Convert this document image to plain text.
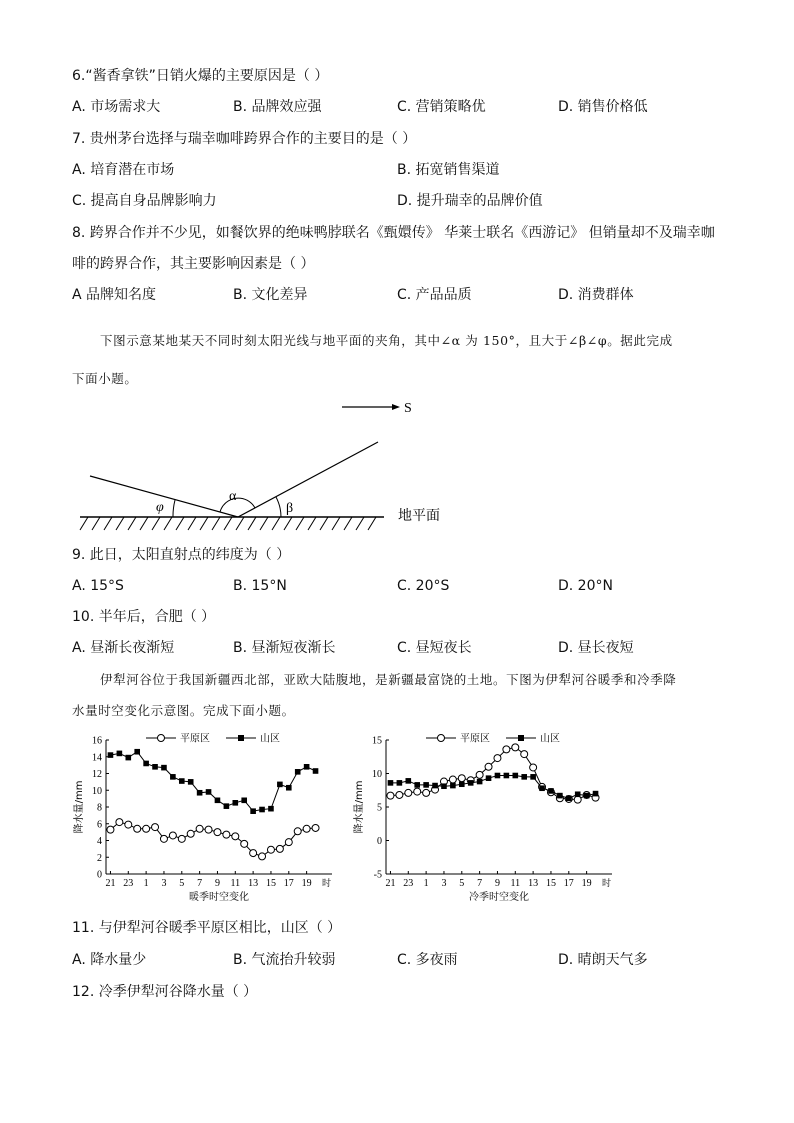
6.“酱香拿铁”日销火爆的主要原因是（ ）
A. 市场需求大	B. 品牌效应强	C. 营销策略优	D. 销售价格低
7. 贵州茅台选择与瑞幸咖啡跨界合作的主要目的是（ ）
A. 培育潜在市场	B. 拓宽销售渠道
C. 提高自身品牌影响力	D. 提升瑞幸的品牌价值
8. 跨界合作并不少见，如餐饮界的绝味鸭脖联名《甄嬛传》 华莱士联名《西游记》 但销量却不及瑞幸咖
啡的跨界合作，其主要影响因素是（ ）
A 品牌知名度	B. 文化差异	C. 产品品质	D. 消费群体
下图示意某地某天不同时刻太阳光线与地平面的夹角，其中∠α 为 150°，且大于∠β∠φ。据此完成
下面小题。
S
φ
α
β	地平面
9. 此日，太阳直射点的纬度为（ ）
A. 15°S	B. 15°N	C. 20°S	D. 20°N
10. 半年后，合肥（ ）
A. 昼渐长夜渐短	B. 昼渐短夜渐长	C. 昼短夜长	D. 昼长夜短
伊犁河谷位于我国新疆西北部，亚欧大陆腹地，是新疆最富饶的土地。下图为伊犁河谷暖季和冷季降
水量时空变化示意图。完成下面小题。
0
2
4
6
8
10
12
14
16
21 23 1 3 5 7 9 11 13 15 17 19 时
暖季时空变化
降水量/mm
平原区	山区
-5
0
5
10
15
21 23 1 3 5 7 9 11 13 15 17 19 时
冷季时空变化
降水量/mm
平原区	山区
11. 与伊犁河谷暖季平原区相比，山区（ ）
A. 降水量少	B. 气流抬升较弱	C. 多夜雨	D. 晴朗天气多
12. 冷季伊犁河谷降水量（ ）
